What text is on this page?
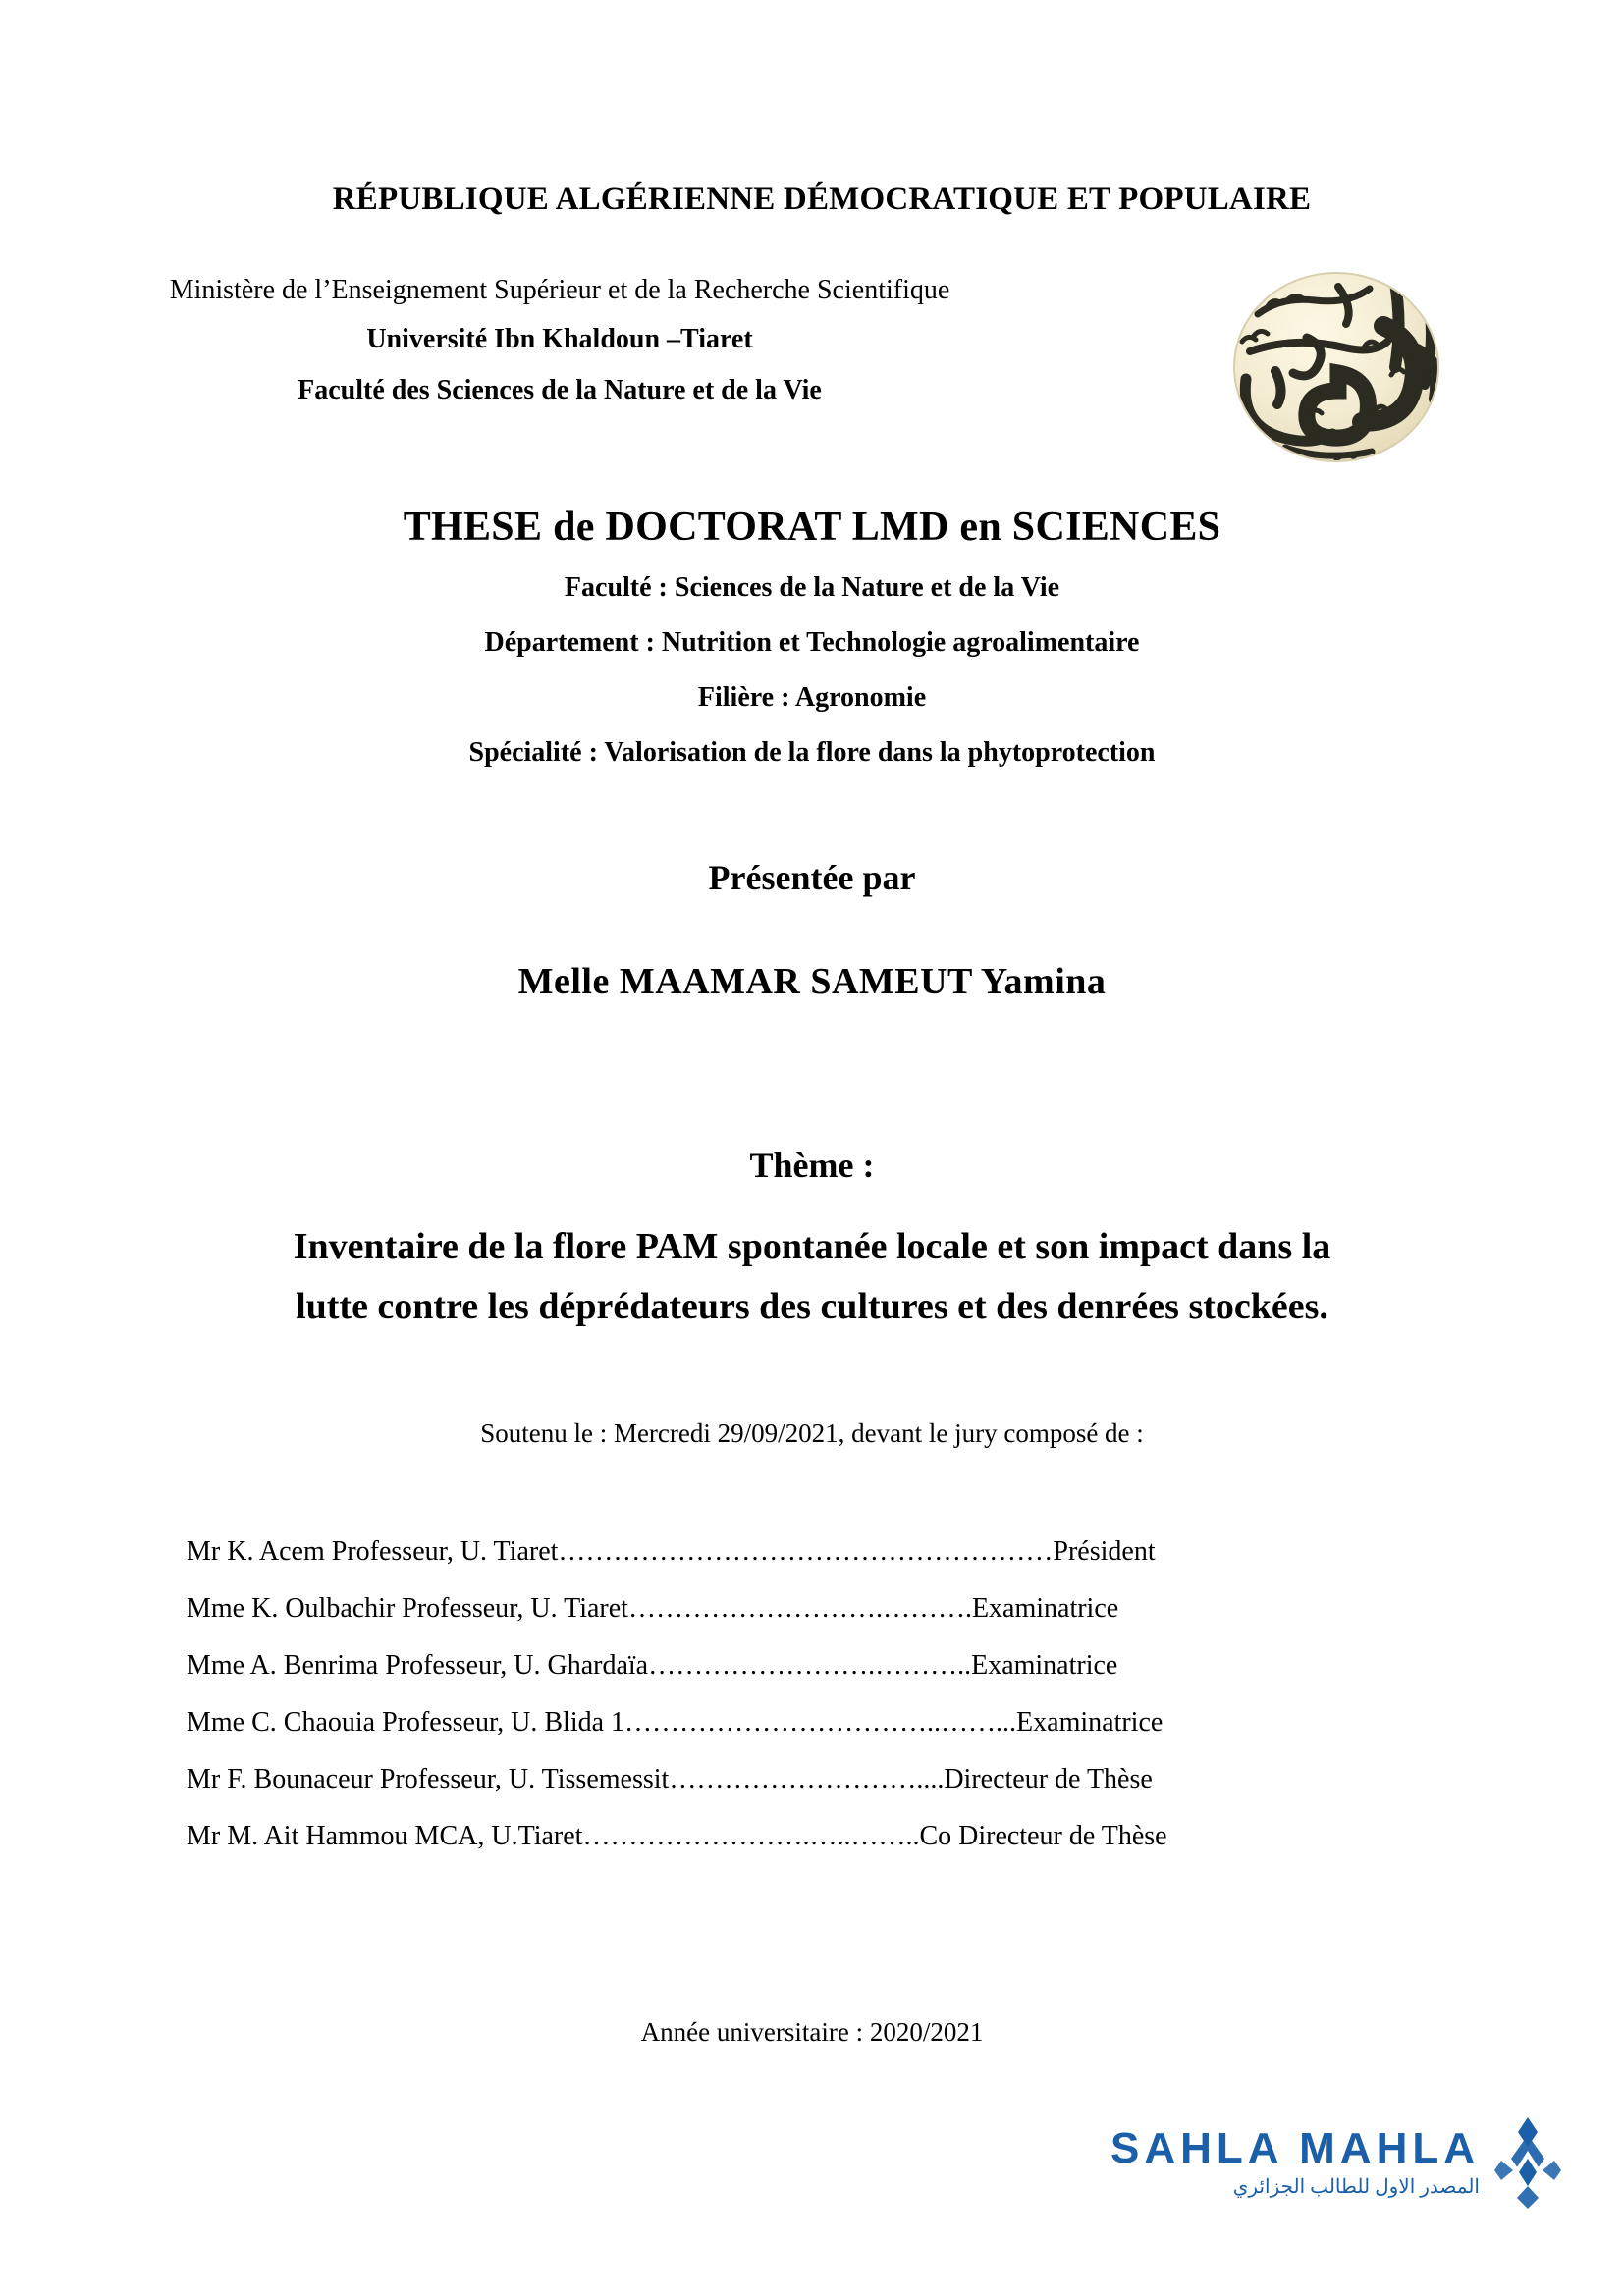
RÉPUBLIQUE ALGÉRIENNE DÉMOCRATIQUE ET POPULAIRE
Ministère de l’Enseignement Supérieur et de la Recherche Scientifique
Université Ibn Khaldoun –Tiaret
Faculté des Sciences de la Nature et de la Vie
THESE de DOCTORAT LMD en SCIENCES
Faculté : Sciences de la Nature et de la Vie
Département : Nutrition et Technologie agroalimentaire
Filière : Agronomie
Spécialité : Valorisation de la flore dans la phytoprotection
Présentée par
Melle MAAMAR SAMEUT Yamina
Thème :
Inventaire de la flore PAM spontanée locale et son impact dans la
lutte contre les déprédateurs des cultures et des denrées stockées.
Soutenu le : Mercredi 29/09/2021, devant le jury composé de :
Mr K. Acem Professeur, U. Tiaret ……………………………………………… Président
Mme K. Oulbachir Professeur, U. Tiaret ……………………….………. Examinatrice
Mme A. Benrima Professeur, U. Ghardaïa …………………….……….. Examinatrice
Mme C. Chaouia Professeur, U. Blida 1 ……………………………..……... Examinatrice
Mr F. Bounaceur Professeur, U. Tissemessit ……………………….... Directeur de Thèse
Mr M. Ait Hammou MCA, U.Tiaret …………………….…..…….. Co Directeur de Thèse
Année universitaire : 2020/2021
SAHLA MAHLA
المصدر الاول للطالب الجزائري
